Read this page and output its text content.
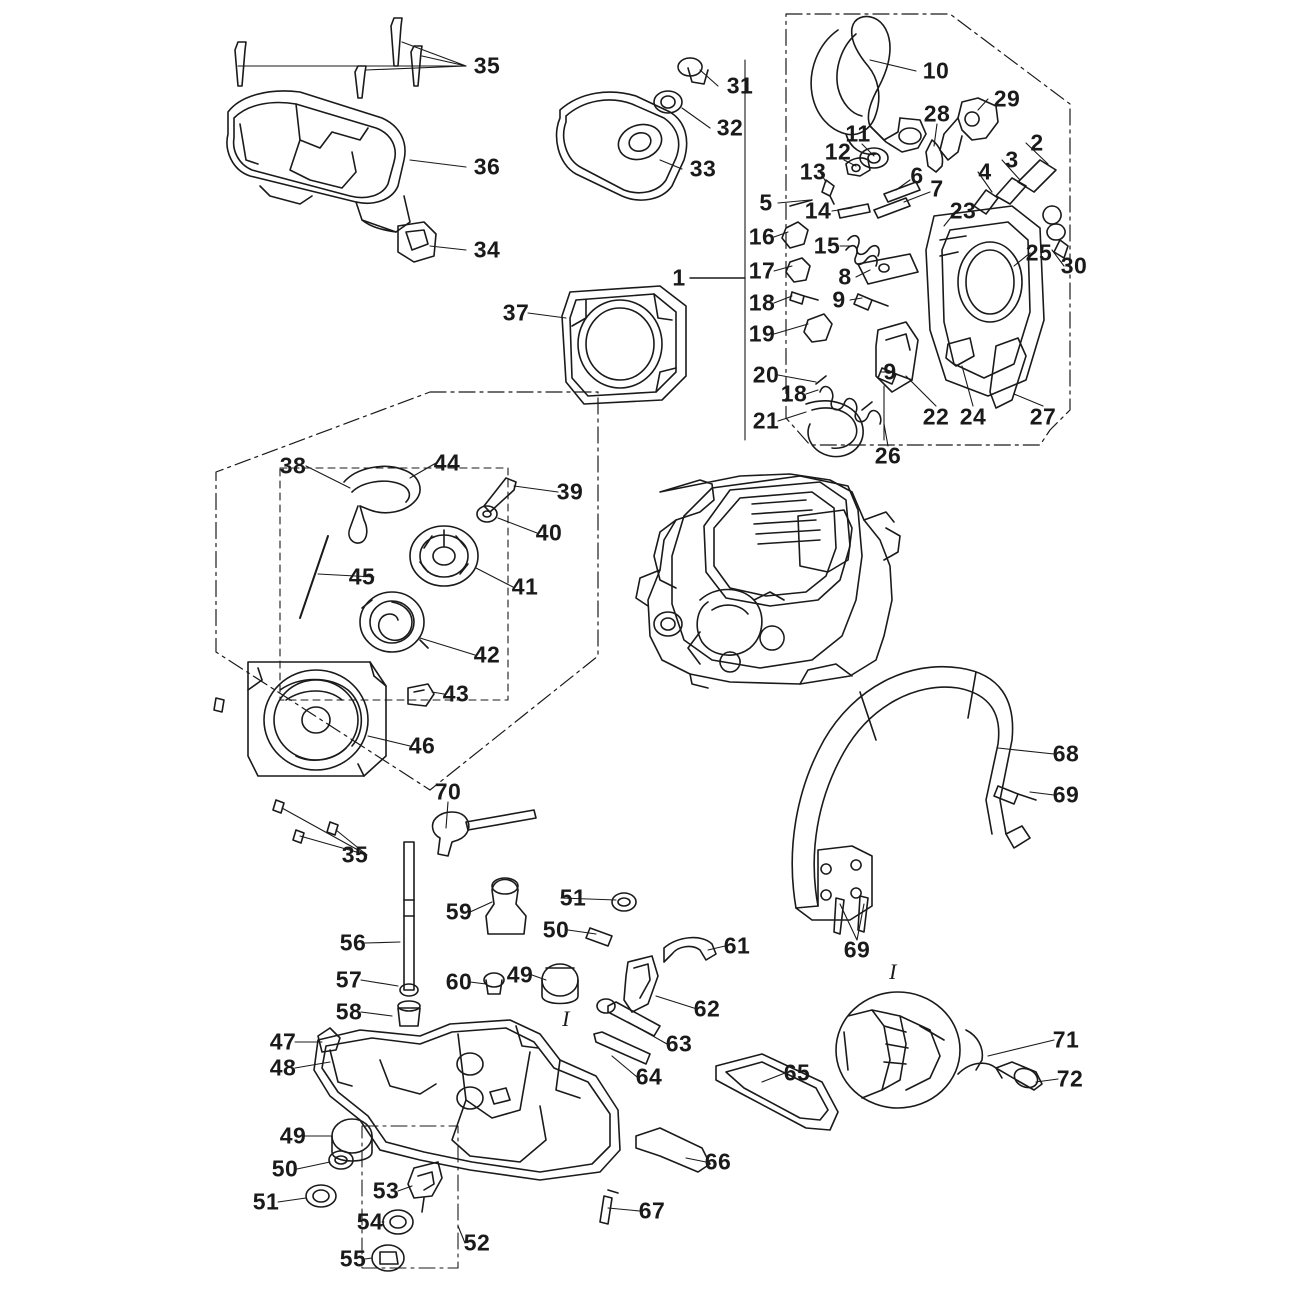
35
31
10
29
32
28
11
12	2
13	3
36	33	6 4
7
5 14	23
16 15
30
25
34
17	8
1
18 9
37
19
20	9
18
22 24 27
21
26
38	44
39
40
45	41
42
43
46	68
69
70
35
69
51
59
50
56	61
57	60 49	I
62
58	I
63
47	71
64
48	65	72
49
50	66
53
51	67
54
52
55
